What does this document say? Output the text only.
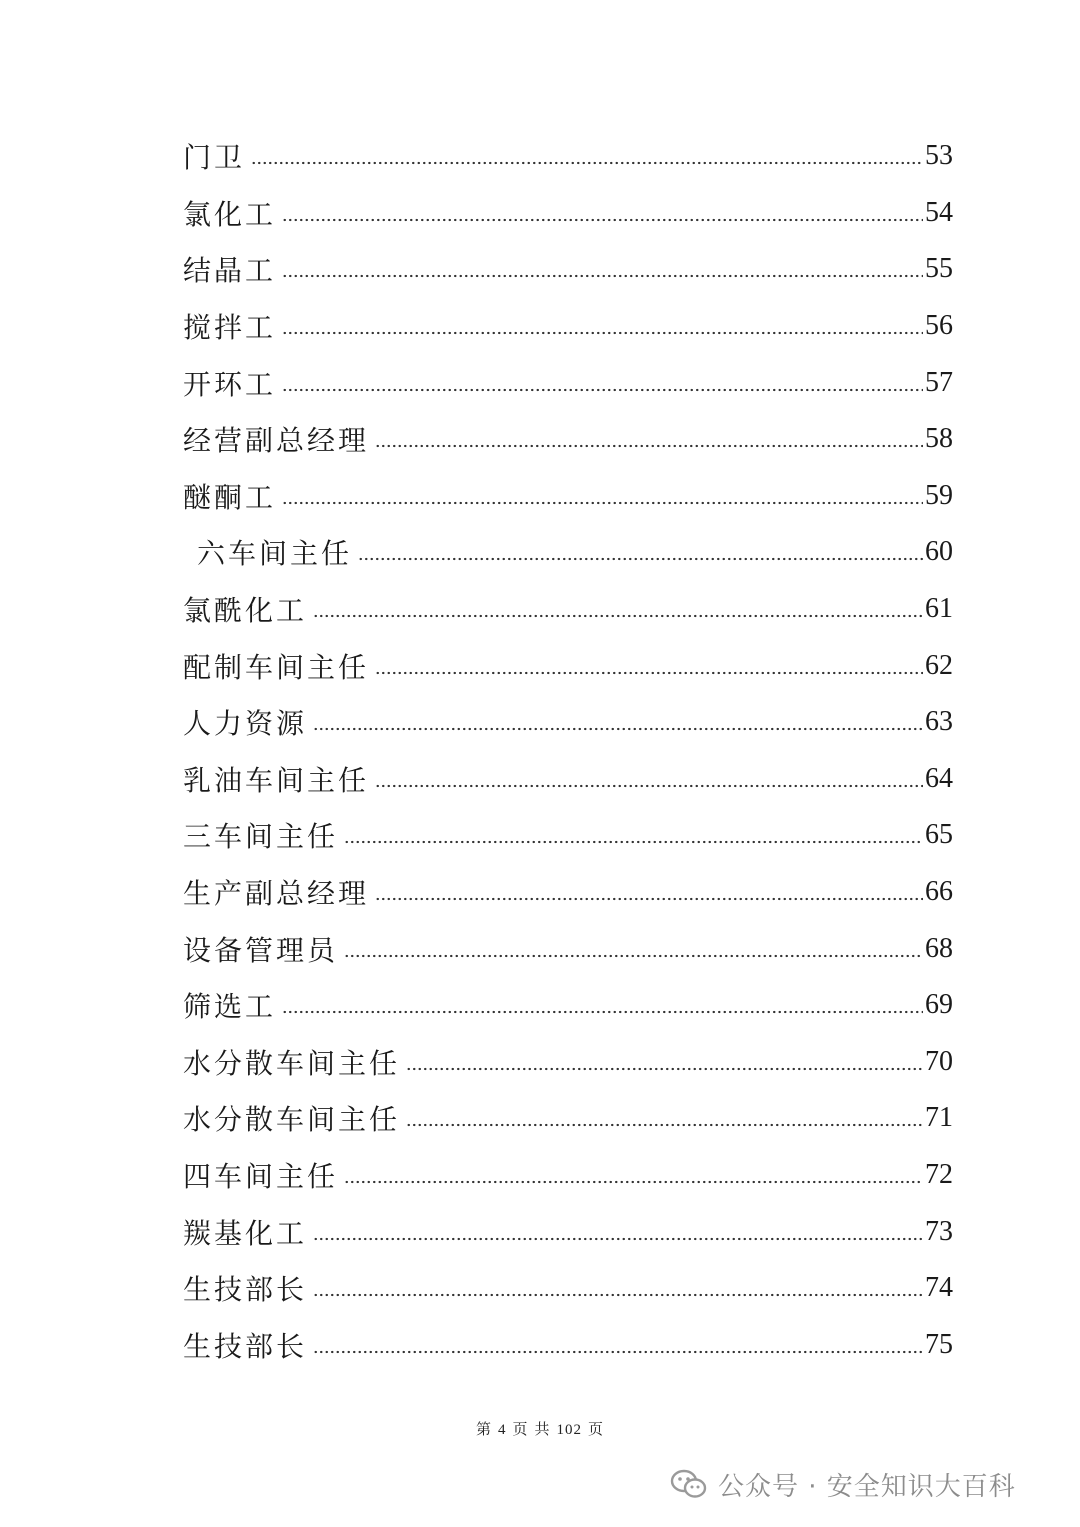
门卫	53
氯化工	54
结晶工	55
搅拌工	56
开环工	57
经营副总经理	58
醚酮工	59
六车间主任	60
氯酰化工	61
配制车间主任	62
人力资源	63
乳油车间主任	64
三车间主任	65
生产副总经理	66
设备管理员	68
筛选工	69
水分散车间主任	70
水分散车间主任	71
四车间主任	72
羰基化工	73
生技部长	74
生技部长	75
第 4 页 共 102 页
公众号 · 安全知识大百科
